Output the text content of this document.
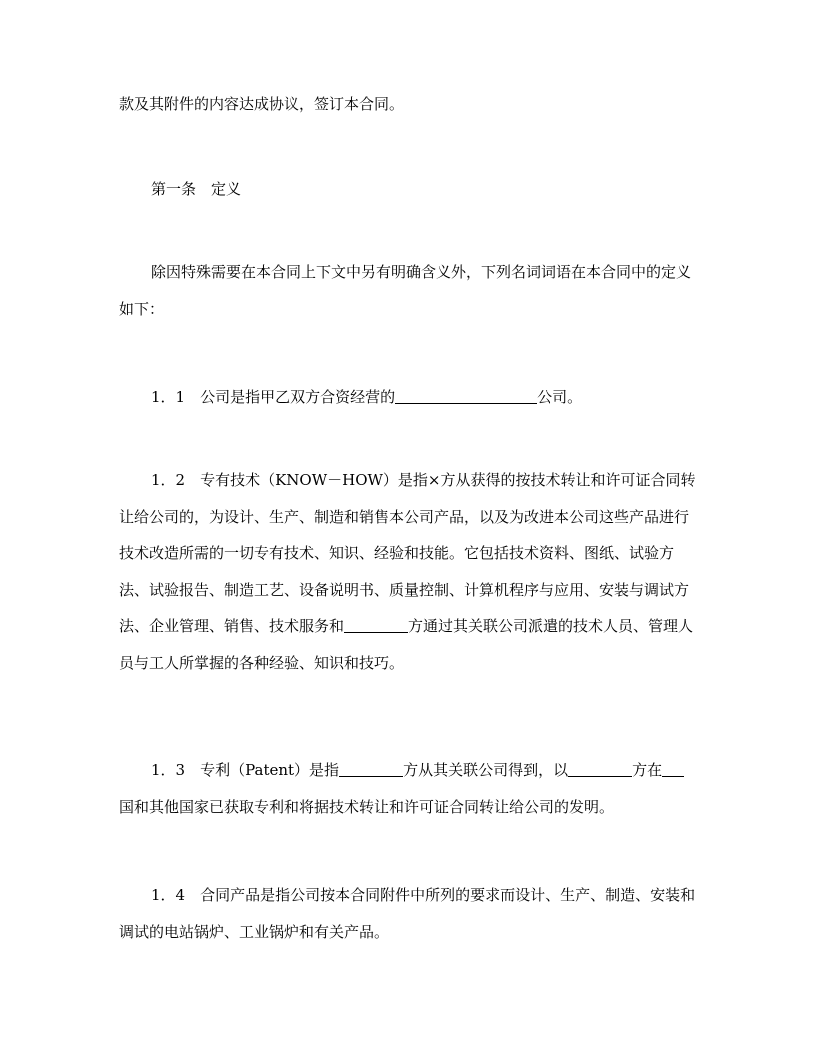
款及其附件的内容达成协议，签订本合同。

第一条　定义

除因特殊需要在本合同上下文中另有明确含义外，下列名词词语在本合同中的定义如下：

1．1　公司是指甲乙双方合资经营的	公司。

1．2　专有技术（KNOW－HOW）是指×方从获得的按技术转让和许可证合同转让给公司的，为设计、生产、制造和销售本公司产品，以及为改进本公司这些产品进行技术改造所需的一切专有技术、知识、经验和技能。它包括技术资料、图纸、试验方法、试验报告、制造工艺、设备说明书、质量控制、计算机程序与应用、安装与调试方法、企业管理、销售、技术服务和	方通过其关联公司派遣的技术人员、管理人员与工人所掌握的各种经验、知识和技巧。

1．3　专利（Patent）是指	方从其关联公司得到，以	方在国和其他国家已获取专利和将据技术转让和许可证合同转让给公司的发明。

1．4　合同产品是指公司按本合同附件中所列的要求而设计、生产、制造、安装和调试的电站锅炉、工业锅炉和有关产品。
